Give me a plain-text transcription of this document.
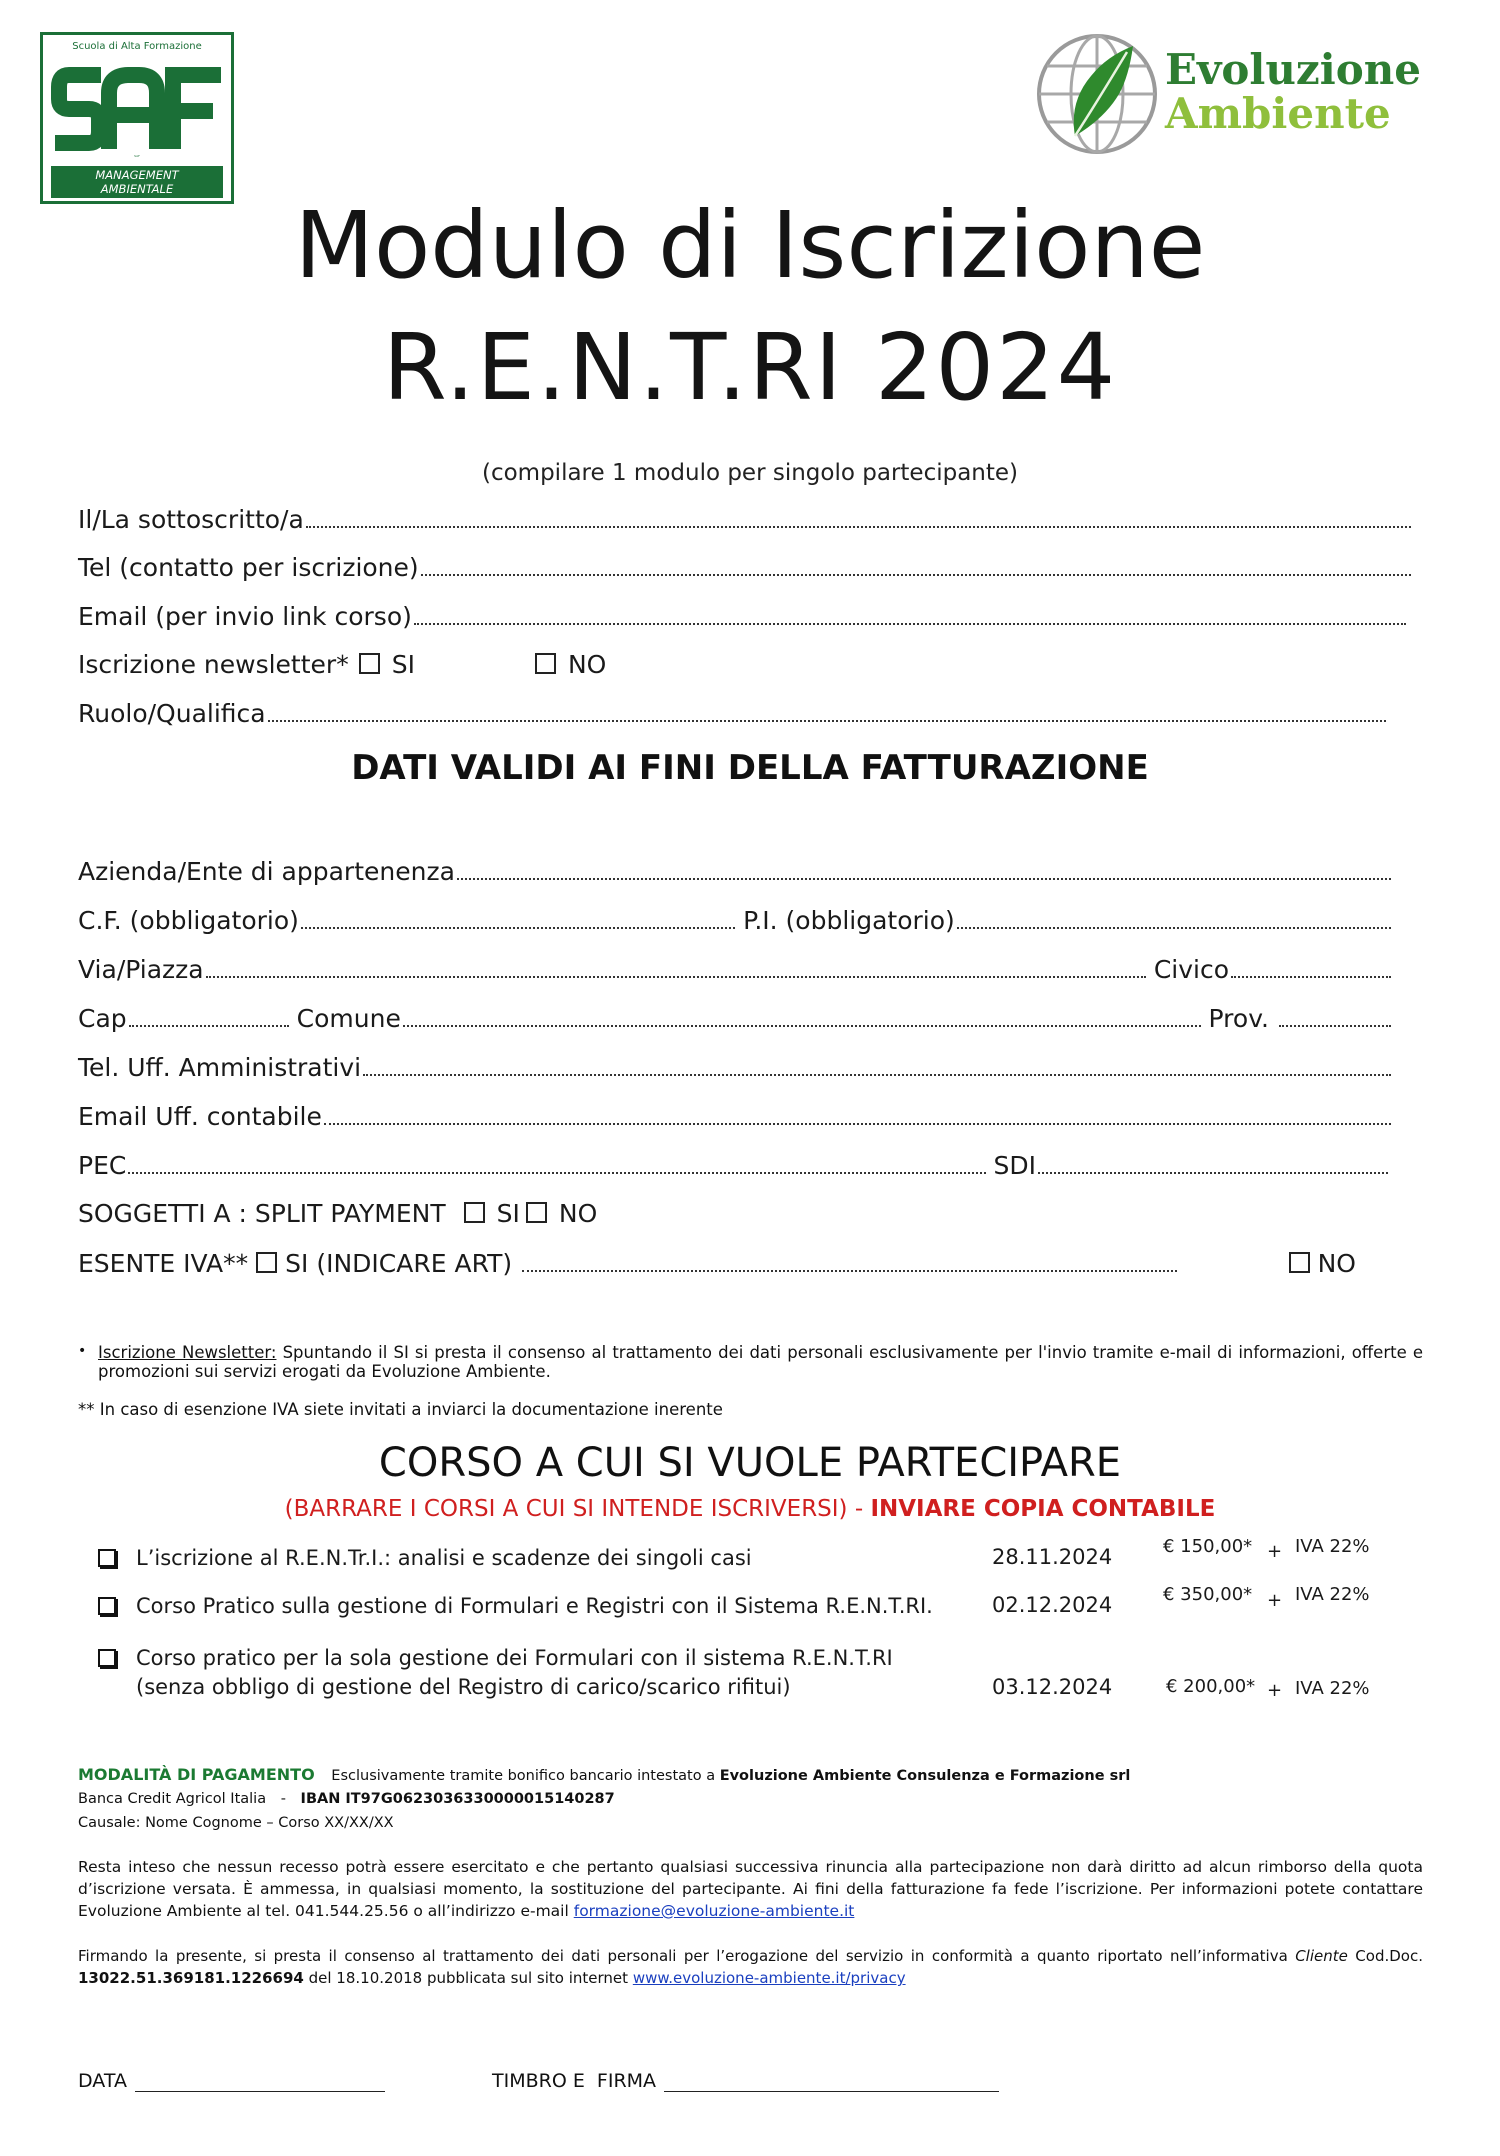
Scuola di Alta Formazione
SAF
MANAGEMENT
AMBIENTALE
Evoluzione
Ambiente
Modulo di Iscrizione
R.E.N.T.RI 2024
(compilare 1 modulo per singolo partecipante)
Il/La sottoscritto/a
Tel (contatto per iscrizione)
Email (per invio link corso)
Iscrizione newsletter* SI	NO
Ruolo/Qualifica
DATI VALIDI AI FINI DELLA FATTURAZIONE
Azienda/Ente di appartenenza
C.F. (obbligatorio)	P.I. (obbligatorio)
Via/Piazza	Civico
Cap	Comune	Prov.
Tel. Uff. Amministrativi
Email Uff. contabile
PEC	SDI
SOGGETTI A : SPLIT PAYMENT SI NO
ESENTE IVA** SI (INDICARE ART)	NO
• Iscrizione Newsletter: Spuntando il SI si presta il consenso al trattamento dei dati personali esclusivamente per l'invio tramite e-mail di informazioni, offerte e promozioni sui servizi erogati da Evoluzione Ambiente.
** In caso di esenzione IVA siete invitati a inviarci la documentazione inerente
CORSO A CUI SI VUOLE PARTECIPARE
(BARRARE I CORSI A CUI SI INTENDE ISCRIVERSI) - INVIARE COPIA CONTABILE
L’iscrizione al R.E.N.Tr.I.: analisi e scadenze dei singoli casi	28.11.2024	€ 150,00* + IVA 22%
Corso Pratico sulla gestione di Formulari e Registri con il Sistema R.E.N.T.RI.	02.12.2024	€ 350,00* + IVA 22%
Corso pratico per la sola gestione dei Formulari con il sistema R.E.N.T.RI
(senza obbligo di gestione del Registro di carico/scarico rifitui)	03.12.2024	€ 200,00* + IVA 22%
MODALITÀ DI PAGAMENTO Esclusivamente tramite bonifico bancario intestato a Evoluzione Ambiente Consulenza e Formazione srl
Banca Credit Agricol Italia - IBAN IT97G0623036330000015140287
Causale: Nome Cognome – Corso XX/XX/XX
Resta inteso che nessun recesso potrà essere esercitato e che pertanto qualsiasi successiva rinuncia alla partecipazione non darà diritto ad alcun rimborso della quota d’iscrizione versata. È ammessa, in qualsiasi momento, la sostituzione del partecipante. Ai fini della fatturazione fa fede l’iscrizione. Per informazioni potete contattare Evoluzione Ambiente al tel. 041.544.25.56 o all’indirizzo e-mail formazione@evoluzione-ambiente.it
Firmando la presente, si presta il consenso al trattamento dei dati personali per l’erogazione del servizio in conformità a quanto riportato nell’informativa Cliente Cod.Doc. 13022.51.369181.1226694 del 18.10.2018 pubblicata sul sito internet www.evoluzione-ambiente.it/privacy
DATA	TIMBRO E  FIRMA
